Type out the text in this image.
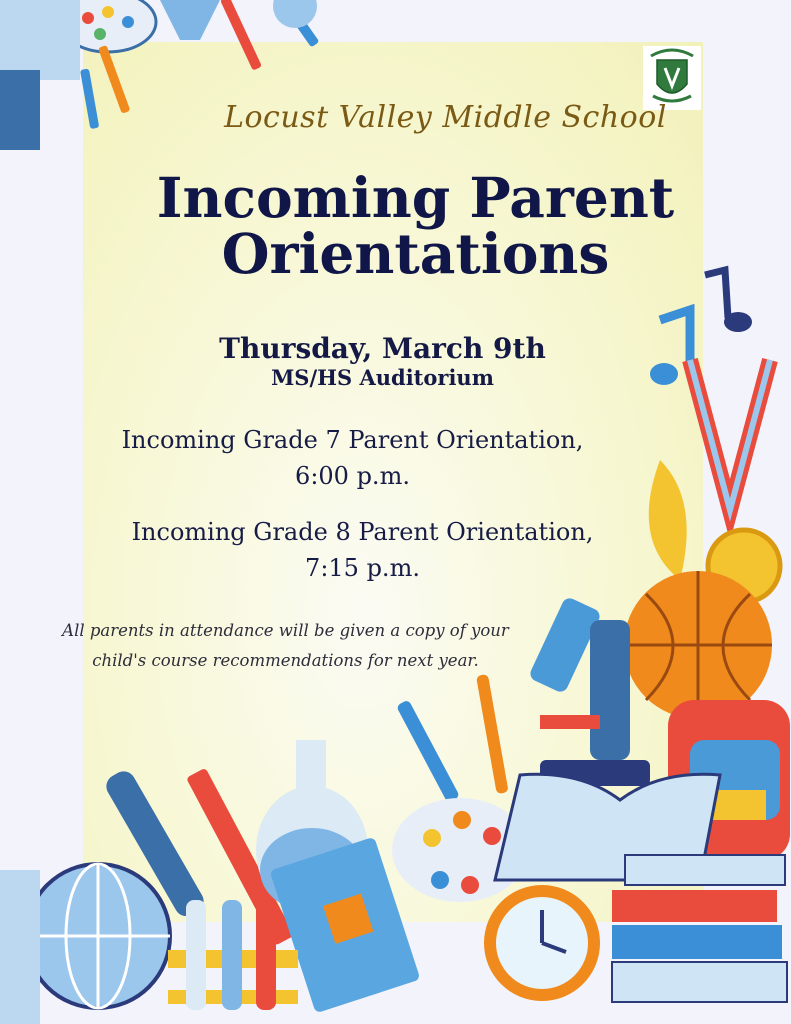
Locust Valley Middle School
Incoming Parent
Orientations
Thursday, March 9th
MS/HS Auditorium
Incoming Grade 7 Parent Orientation,
6:00 p.m.
Incoming Grade 8 Parent Orientation,
7:15 p.m.
All parents in attendance will be given a copy of your
child's course recommendations for next year.
